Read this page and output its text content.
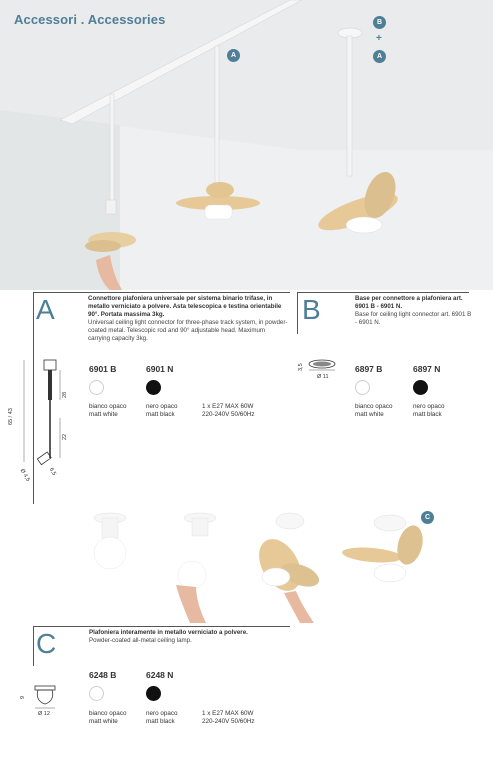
Accessori . Accessories	B
+
A
A
A	Connettore plafoniera universale per sistema binario trifase, in metallo verniciato a polvere. Asta telescopica e testina orientabile 90°. Portata massima 3kg.
Universal ceiling light connector for three-phase track system, in powder-coated metal. Telescopic rod and 90° adjustable head. Maximum carrying capacity 3kg.
65 / 43
28
22
6,5
Ø 4,5
6901 B	6901 N
bianco opaco
matt white
nero opaco
matt black
1 x E27 MAX 60W
220-240V 50/60Hz
B	Base per connettore a plafoniera art. 6901 B - 6901 N.
Base for ceiling light connector art. 6901 B - 6901 N.
3,5
Ø 11
6897 B	6897 N
bianco opaco
matt white
nero opaco
matt black
C
C	Plafoniera interamente in metallo verniciato a polvere.
Powder-coated all-metal ceiling lamp.
9
Ø 12
6248 B	6248 N
bianco opaco
matt white
nero opaco
matt black
1 x E27 MAX 60W
220-240V 50/60Hz
